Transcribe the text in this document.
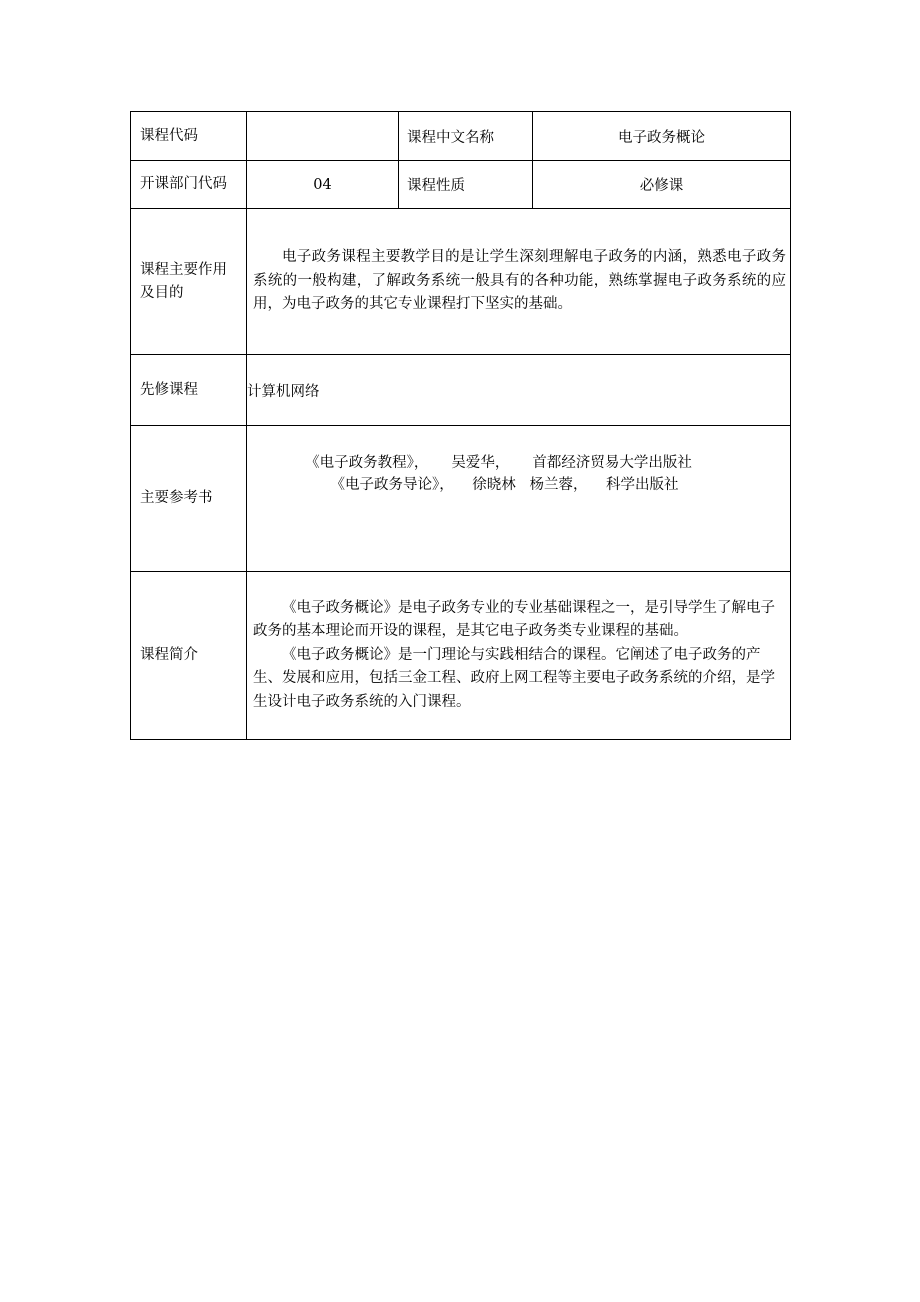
课程代码		课程中文名称	电子政务概论
开课部门代码	04	课程性质	必修课

课程主要作用
及目的	电子政务课程主要教学目的是让学生深刻理解电子政务的内涵，熟悉电子政务系统的一般构建，了解政务系统一般具有的各种功能，熟练掌握电子政务系统的应用，为电子政务的其它专业课程打下坚实的基础。		

先修课程	计算机网络		
主要参考书	《电子政务教程》，     吴爱华，     首都经济贸易大学出版社
《电子政务导论》，    徐晓林   杨兰蓉，    科学出版社		

课程简介	《电子政务概论》是电子政务专业的专业基础课程之一，是引导学生了解电子政务的基本理论而开设的课程，是其它电子政务类专业课程的基础。

《电子政务概论》是一门理论与实践相结合的课程。它阐述了电子政务的产生、发展和应用，包括三金工程、政府上网工程等主要电子政务系统的介绍，是学生设计电子政务系统的入门课程。		
